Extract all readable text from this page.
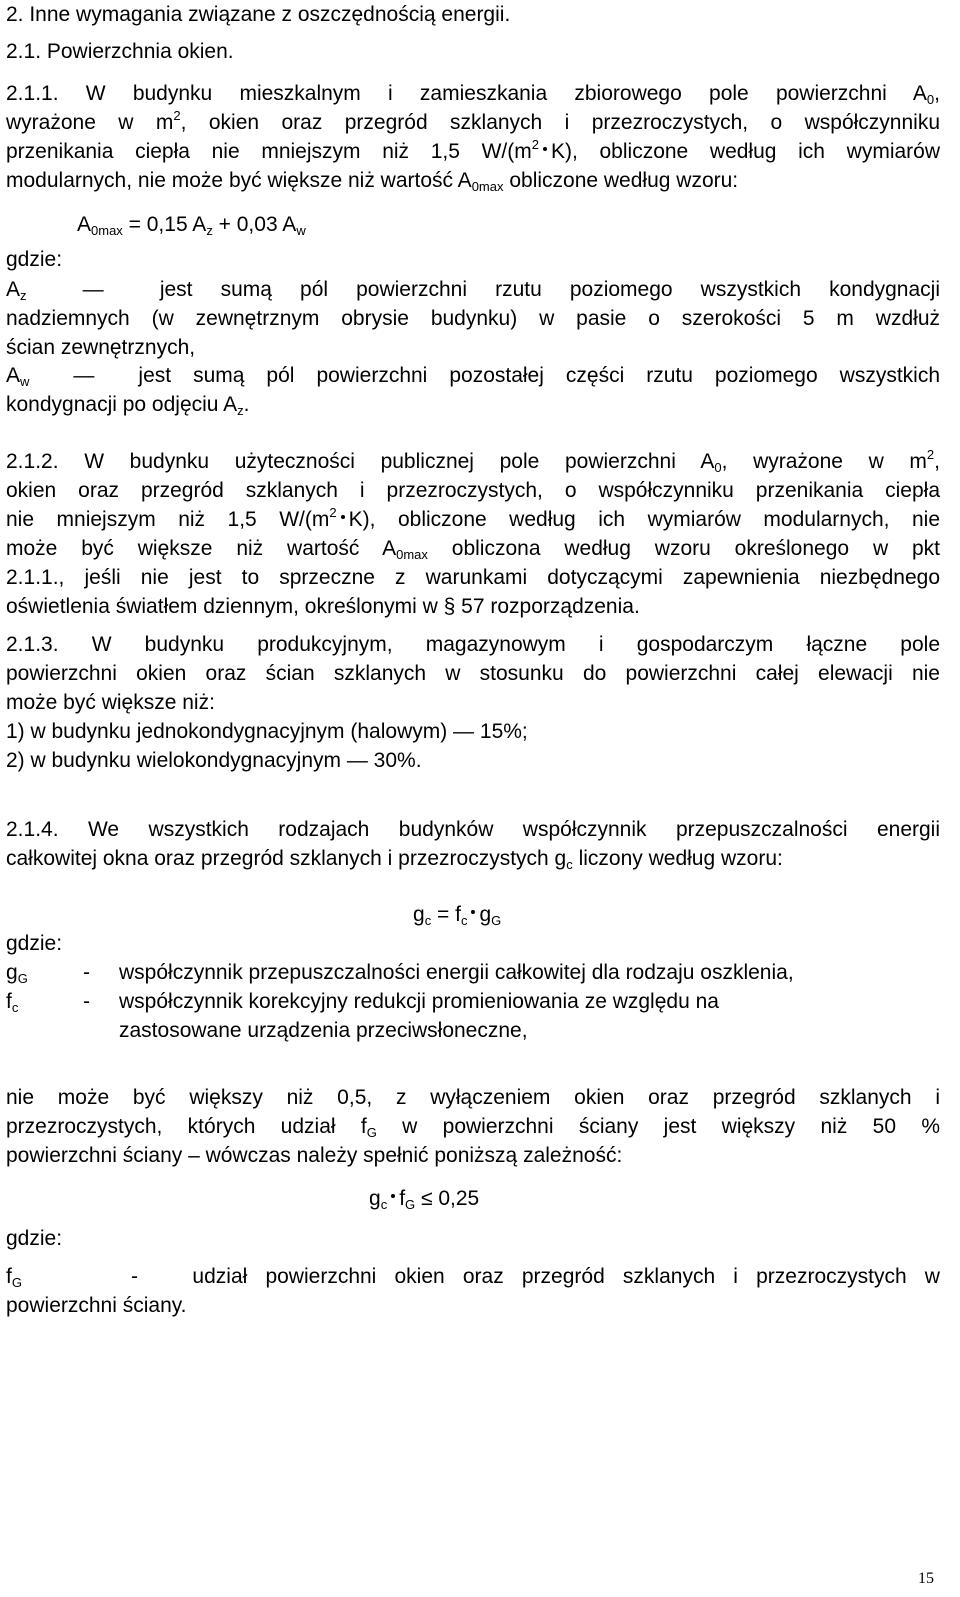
2. Inne wymagania związane z oszczędnością energii.
2.1. Powierzchnia okien.
2.1.1. W budynku mieszkalnym i zamieszkania zbiorowego pole powierzchni $A_0$,
wyrażone w $m^2$, okien oraz przegród szklanych i przezroczystych, o współczynniku
przenikania ciepła nie mniejszym niż 1,5 $W/(m^2$ K), obliczone według ich wymiarów
modularnych, nie może być większe niż wartość $A_{0max}$ obliczone według wzoru:
$A_{0max} = 0,15$ $A_z + 0,03$ $A_w$
gdzie:
$A_z$  —  jest sumą pól powierzchni rzutu poziomego wszystkich kondygnacji
nadziemnych (w zewnętrznym obrysie budynku) w pasie o szerokości 5 m wzdłuż
ścian zewnętrznych,
$A_w$  —  jest sumą pól powierzchni pozostałej części rzutu poziomego wszystkich
kondygnacji po odjęciu $A_z$.
2.1.2. W budynku użyteczności publicznej pole powierzchni $A_0$, wyrażone w $m^2$,
okien oraz przegród szklanych i przezroczystych, o współczynniku przenikania ciepła
nie mniejszym niż 1,5 $W/(m^2$ K), obliczone według ich wymiarów modularnych, nie
może być większe niż wartość $A_{0max}$ obliczona według wzoru określonego w pkt
2.1.1., jeśli nie jest to sprzeczne z warunkami dotyczącymi zapewnienia niezbędnego
oświetlenia światłem dziennym, określonymi w § 57 rozporządzenia.
2.1.3. W budynku produkcyjnym, magazynowym i gospodarczym łączne pole
powierzchni okien oraz ścian szklanych w stosunku do powierzchni całej elewacji nie
może być większe niż:
1) w budynku jednokondygnacyjnym (halowym) — 15%;
2) w budynku wielokondygnacyjnym — 30%.
2.1.4. We wszystkich rodzajach budynków współczynnik przepuszczalności energii
całkowitej okna oraz przegród szklanych i przezroczystych $g_c$ liczony według wzoru:
$g_c = f_c$ $g_G$
gdzie:
$g_G$	- współczynnik przepuszczalności energii całkowitej dla rodzaju oszklenia,
$f_c$	- współczynnik korekcyjny redukcji promieniowania ze względu na
zastosowane urządzenia przeciwsłoneczne,
nie może być większy niż 0,5, z wyłączeniem okien oraz przegród szklanych i
przezroczystych, których udział $f_G$ w powierzchni ściany jest większy niż 50 %
powierzchni ściany – wówczas należy spełnić poniższą zależność:
$g_c$ $f_G \le 0,25$
gdzie:
$f_G$	-	udział powierzchni okien oraz przegród szklanych i przezroczystych w
powierzchni ściany.
15
